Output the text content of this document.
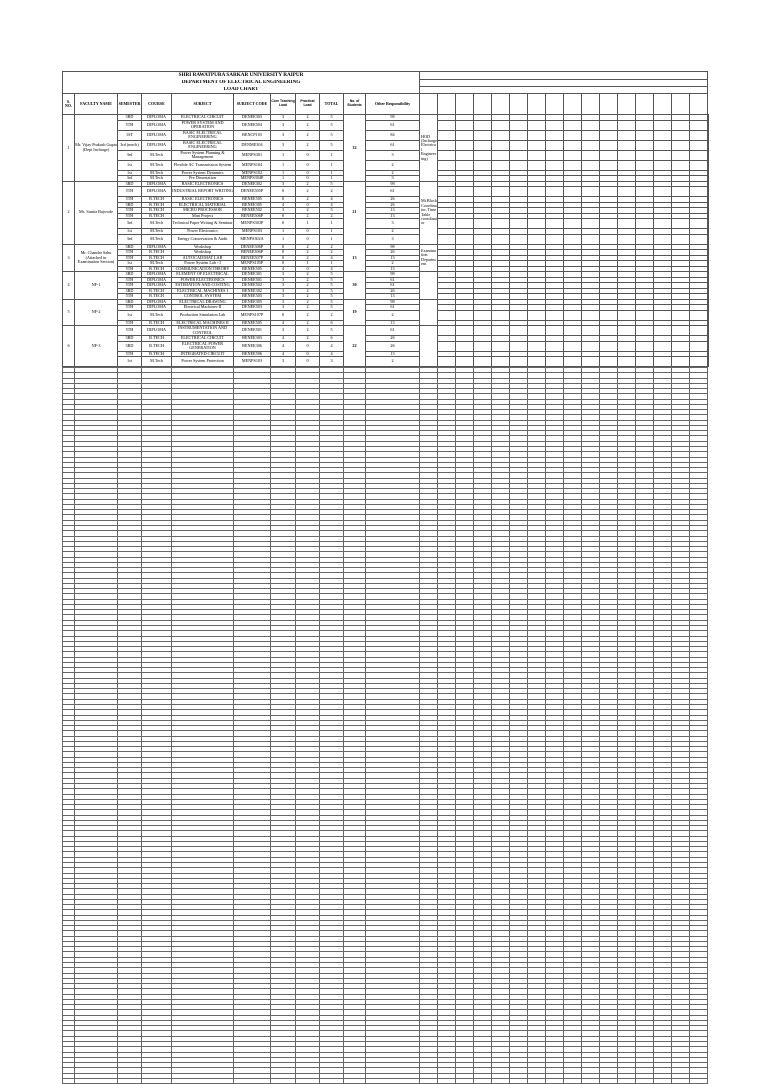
SHRI RAWATPURA SARKAR UNIVERSITY RAIPUR																											
DEPARTMENT OF ELECTRICAL ENGINEERING																											
LOAD CHART																											
S. NO.	FACULTY NAME	SEMESTER	COURSE	SUBJECT	SUBJECT CODE	Core Teaching Load	Practical Load	TOTAL	No. of Students	Other Responsibility																	
1	Mr. Vijay Prakash Gupta (Dept Incharge)	3RD	DIPLOMA	ELECTRICAL CIRCUIT	DENEE303	3	2	5	32	98	HOD (Incharge Electrical Engineering)																
		5TH	DIPLOMA	POWER SYSTEM AND OPERATION	DENEE504	3	2	5		61																	
		1ST	DIPLOMA	BASIC ELECTRICAL ENGINEERING	BENCP103	3	2	5		84																	
		3rd (mech)	DIPLOMA	BASIC ELECTRICAL ENGINEERING	DENME304	3	2	5		61																	
		3rd	M.Tech	Power System Planning & Management	MENPS301	1	0	1		3																	
		1st	M.Tech	Flexible AC Transmission System	MENPS104	1	0	1		2																	
		1st	M.Tech	Power System Dynamics	MENPS102	1	0	1		2																	
		3rd	M.Tech	Pre Dissertation	MENPS304P	1	0	1		3																	
2	Ms. Sunita Bajwode	3RD	DIPLOMA	BASIC ELECTRONICS	DENEE302	3	2	5	21	98	Mt.Block Coordinator, Time Table coordinator																
		5TH	DIPLOMA	INDUSTRIAL REPORT WRITING	DENEE505P	0	2	2		61																	
		5TH	B.TECH	BASIC ELECTRONICS	BENEE505	0	2	4		26																	
		3RD	B.TECH	ELECTRICAL MATERIAL	BENEE305	4	0	4		26																	
		5TH	B.TECH	MICRO PROCESSOR	BENEE502	3	2	5		13																	
		5TH	B.TECH	Mini Project	BENEE506P	0	2	2		13																	
		3rd	M.Tech	Technical Paper Writing & Seminar	MENPS303P	0	1	1		3																	
		1st	M.Tech	Power Electronics	MENPS103	1	0	1		2																	
		3rd	M.Tech	Energy Conservation & Audit	MENPS302A	1	0	1		3																	
3	Mr. Chandra Sahu (Attached in Examination Section)	3RD	DIPLOMA	Workshop	DENEE306P	0	2	2	13	98	Examination Department																
		5TH	B.TECH	Workshop	BENEE306P	0	2	2		26																	
		5TH	B.TECH	AUTOCAD/MAT LAB	BENEE507P	0	2	4		13																	
		1st	M.Tech	Power System Lab - I	MENPS105P	0	1	1		2																	
		5TH	B.TECH	COMMUNICATION THEORY	BENEE505	4	0	4		13																	
4	NF-1	3RD	DIPLOMA	ELEMENT OF ELECTRICAL	DENEE301	3	2	5	30	98																	
		5TH	DIPLOMA	POWER ELECTRONICS	DENEE501	3	2	5		61																	
		5TH	DIPLOMA	ESTIMATION AND COSTING	DENEE502	3	2	5		61																	
		3RD	B.TECH	ELECTRICAL MACHINES I	BENEE302	3	2	5		26																	
		5TH	B.TECH	CONTROL SYSTEM	BENEE503	3	2	5		13																	
5	NF-2	3RD	DIPLOMA	ELECTRICAL DRAWING	DENEE305	3	2	5	19	98																	
		5TH	DIPLOMA	Electrical Machines-II	DENEE503	3	2	5		61																	
		1st	M.Tech	Production Simulation Lab	MENPS107P	0	2	2		2																	
		5TH	B.TECH	ELECTRICAL MACHINES II	BENEE505	4	2	6		13																	
6	NF-3	5TH	DIPLOMA	INSTRUMENTATION AND CONTROL	DENEE501	3	2	5	22	61																	
		3RD	B.TECH	ELECTRICAL CIRCUIT	BENEE303	4	2	6		26																	
		3RD	B.TECH	ELECTRICAL POWER GENERATION	BENEE306	4	0	4		26																	
		5TH	B.TECH	INTEGRATED CIRCUIT	BENEE506	4	0	4		13																	
		1st	M.Tech	Power System Protection	MENPS103	3	0	3		2																	
